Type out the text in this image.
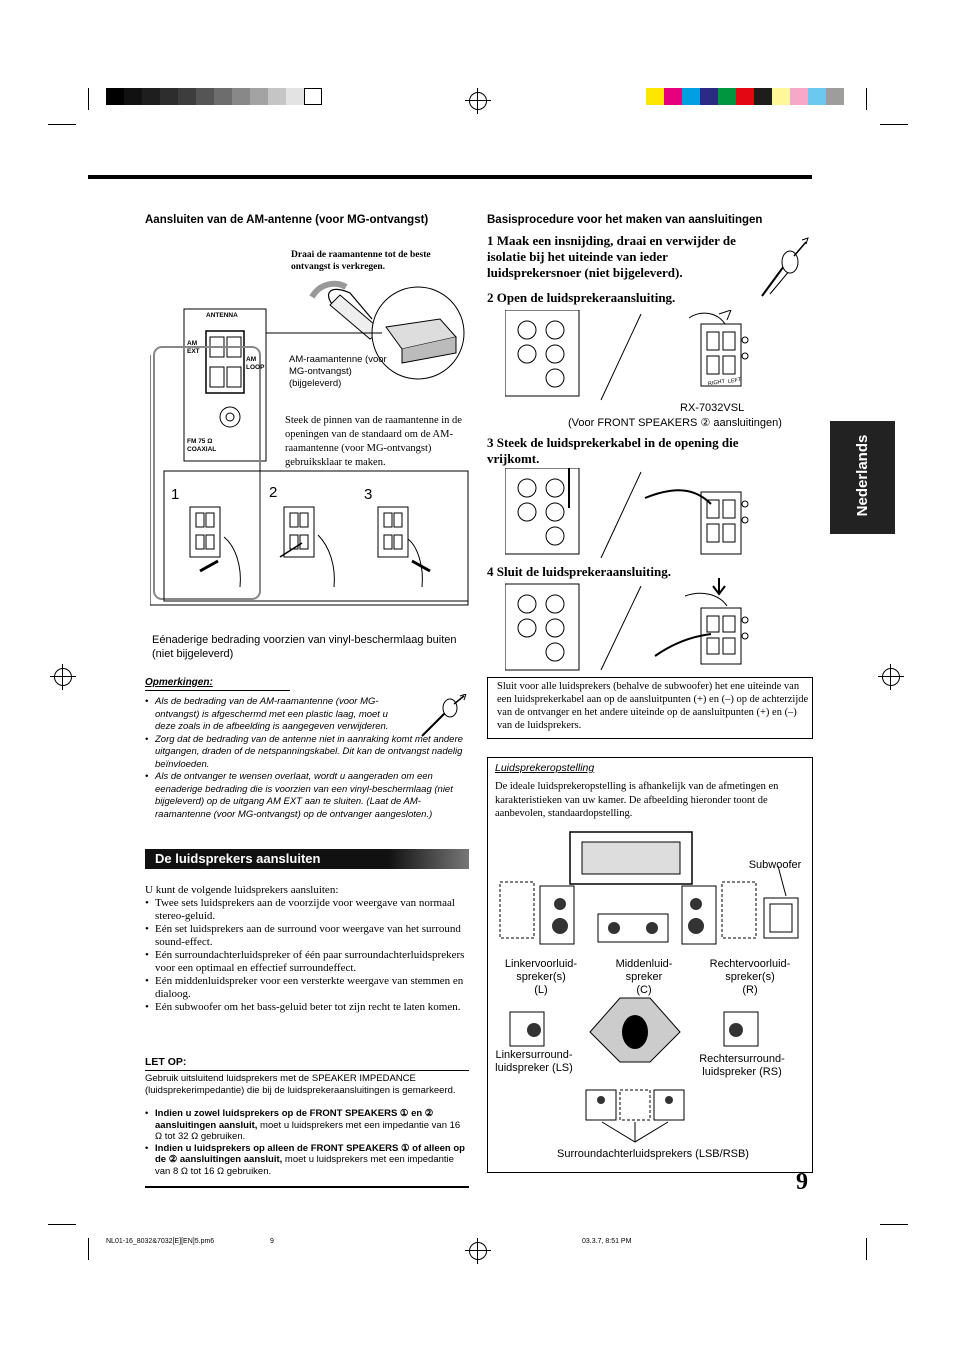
Nederlands
Aansluiten van de AM-antenne (voor MG-ontvangst)
Draai de raamantenne tot de beste ontvangst is verkregen.
ANTENNA
AM EXT
AM LOOP
FM 75 Ω COAXIAL
AM-raamantenne (voor MG-ontvangst) (bijgeleverd)
Steek de pinnen van de raamantenne in de openingen van de standaard om de AM-raamantenne (voor MG-ontvangst) gebruiksklaar te maken.
1	2	3
Eénaderige bedrading voorzien van vinyl-beschermlaag buiten (niet bijgeleverd)
Opmerkingen:
• Als de bedrading van de AM-raamantenne (voor MG-ontvangst) is afgeschermd met een plastic laag, moet u deze zoals in de afbeelding is aangegeven verwijderen.
• Zorg dat de bedrading van de antenne niet in aanraking komt met andere uitgangen, draden of de netspanningskabel. Dit kan de ontvangst nadelig beïnvloeden.
• Als de ontvanger te wensen overlaat, wordt u aangeraden om een eenaderige bedrading die is voorzien van een vinyl-beschermlaag (niet bijgeleverd) op de uitgang AM EXT aan te sluiten. (Laat de AM-raamantenne (voor MG-ontvangst) op de ontvanger aangesloten.)
De luidsprekers aansluiten
U kunt de volgende luidsprekers aansluiten:
• Twee sets luidsprekers aan de voorzijde voor weergave van normaal stereo-geluid.
• Eén set luidsprekers aan de surround voor weergave van het surround sound-effect.
• Eén surroundachterluidspreker of één paar surroundachterluidsprekers voor een optimaal en effectief surroundeffect.
• Eén middenluidspreker voor een versterkte weergave van stemmen en dialoog.
• Eén subwoofer om het bass-geluid beter tot zijn recht te laten komen.
LET OP:
Gebruik uitsluitend luidsprekers met de SPEAKER IMPEDANCE (luidsprekerimpedantie) die bij de luidsprekeraansluitingen is gemarkeerd.
• Indien u zowel luidsprekers op de FRONT SPEAKERS ① en ② aansluitingen aansluit, moet u luidsprekers met een impedantie van 16 Ω tot 32 Ω gebruiken.
• Indien u luidsprekers op alleen de FRONT SPEAKERS ① of alleen op de ② aansluitingen aansluit, moet u luidsprekers met een impedantie van 8 Ω tot 16 Ω gebruiken.
Basisprocedure voor het maken van aansluitingen
1 Maak een insnijding, draai en verwijder de isolatie bij het uiteinde van ieder luidsprekersnoer (niet bijgeleverd).
2 Open de luidsprekeraansluiting.
RX-7032VSL
(Voor FRONT SPEAKERS ② aansluitingen)
3 Steek de luidsprekerkabel in de opening die vrijkomt.
4 Sluit de luidsprekeraansluiting.
RIGHT LEFT
Sluit voor alle luidsprekers (behalve de subwoofer) het ene uiteinde van een luidsprekerkabel aan op de aansluitpunten (+) en (–) op de achterzijde van de ontvanger en het andere uiteinde op de aansluitpunten (+) en (–) van de luidsprekers.
Luidsprekeropstelling
De ideale luidsprekeropstelling is afhankelijk van de afmetingen en karakteristieken van uw kamer. De afbeelding hieronder toont de aanbevolen, standaardopstelling.
Subwoofer
Linkervoorluid-
spreker(s)
(L)
Middenluid-
spreker
(C)
Rechtervoorluid-
spreker(s)
(R)
Linkersurround-
luidspreker (LS)
Rechtersurround-
luidspreker (RS)
Surroundachterluidsprekers (LSB/RSB)
9
NL01-16_8032&7032[E][EN]5.pm6	9	03.3.7, 8:51 PM
